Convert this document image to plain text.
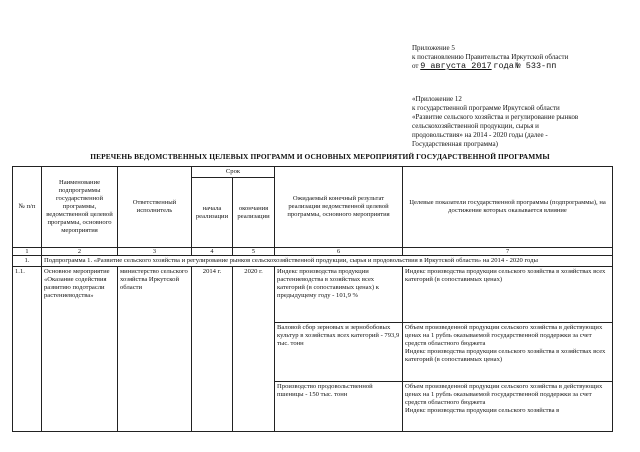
Приложение 5
к постановлению Правительства Иркутской области
от 9 августа 2017 года № 533-пп
«Приложение 12
к государственной программе Иркутской области
«Развитие сельского хозяйства и регулирование рынков
сельскохозяйственной продукции, сырья и
продовольствия» на 2014 - 2020 годы (далее -
Государственная программа)
ПЕРЕЧЕНЬ ВЕДОМСТВЕННЫХ ЦЕЛЕВЫХ ПРОГРАММ И ОСНОВНЫХ МЕРОПРИЯТИЙ ГОСУДАРСТВЕННОЙ ПРОГРАММЫ
№ п/п	Наименование подпрограммы государственной программы, ведомственной целевой программы, основного мероприятия	Ответственный исполнитель	Срок		Ожидаемый конечный результат реализации ведомственной целевой программы, основного мероприятия	Целевые показатели государственной программы (подпрограммы), на достижение которых оказывается влияние
			начала реализации	окончания реализации		
1	2	3	4	5	6	7
1.	Подпрограмма 1. «Развитие сельского хозяйства и регулирование рынков сельскохозяйственной продукции, сырья и продовольствия в Иркутской области» на 2014 - 2020 годы					
1.1.	Основное мероприятие «Оказание содействия развитию подотрасли растениеводства»	министерство сельского хозяйства Иркутской области	2014 г.	2020 г.	Индекс производства продукции растениеводства в хозяйствах всех категорий (в сопоставимых ценах) к предыдущему году - 101,9 %	Индекс производства продукции сельского хозяйства в хозяйствах всех категорий (в сопоставимых ценах)
					Валовой сбор зерновых и зернобобовых культур в хозяйствах всех категорий - 793,9 тыс. тонн	Объем произведенной продукции сельского хозяйства в действующих ценах на 1 рубль оказываемой государственной поддержки за счет средств областного бюджета
Индекс производства продукции сельского хозяйства в хозяйствах всех категорий (в сопоставимых ценах)
					Производство продовольственной пшеницы - 150 тыс. тонн	Объем произведенной продукции сельского хозяйства в действующих ценах на 1 рубль оказываемой государственной поддержки за счет средств областного бюджета
Индекс производства продукции сельского хозяйства в
